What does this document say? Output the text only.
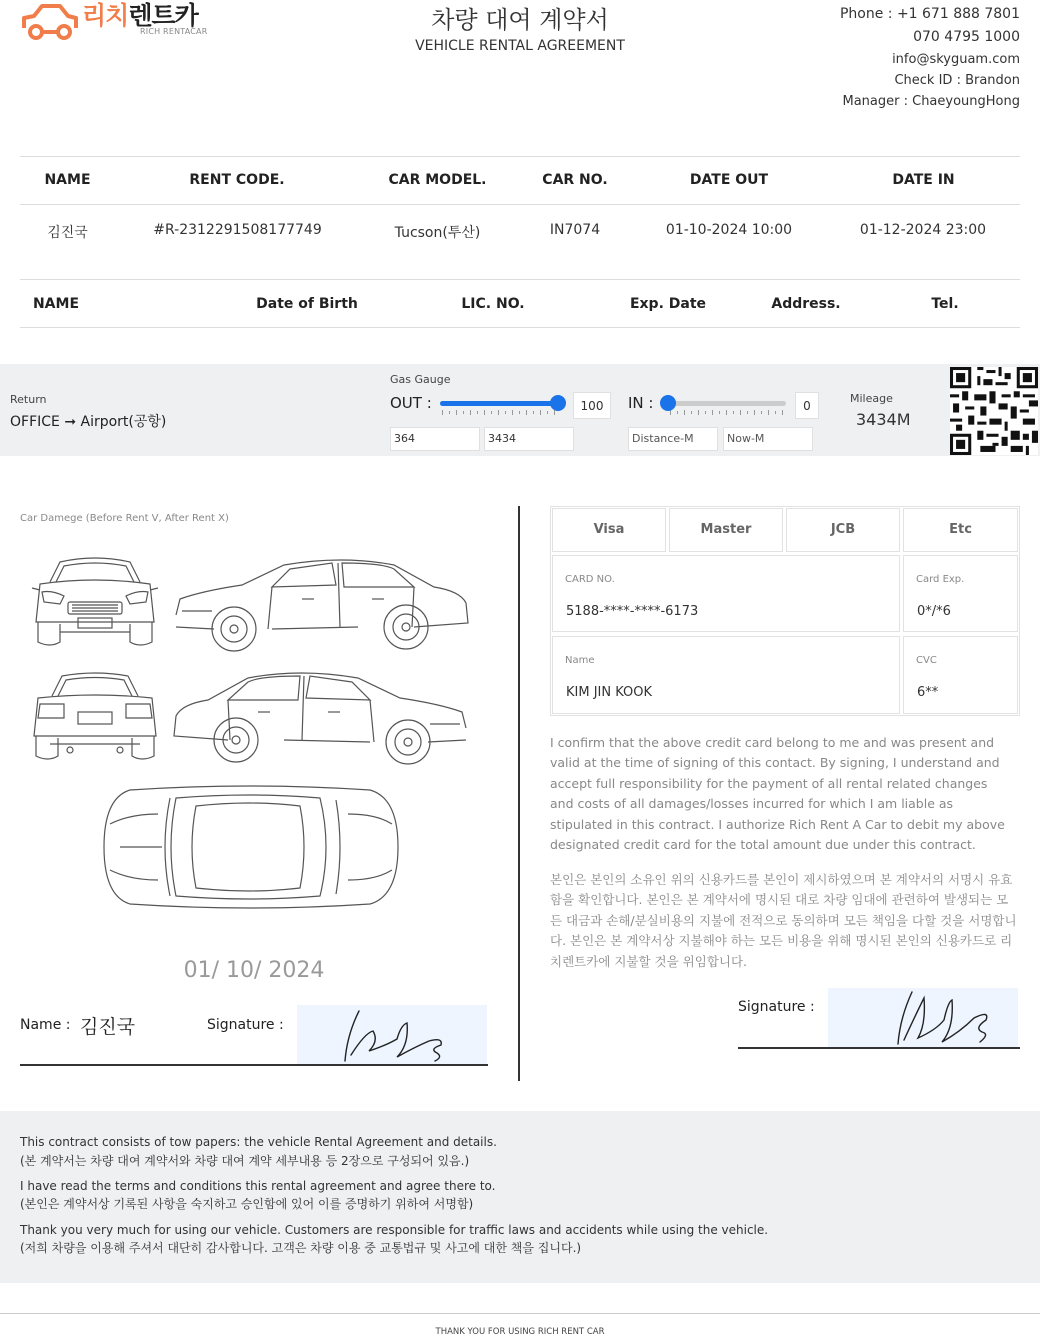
리치렌트카
RICH RENTACAR	차량 대여 계약서
VEHICLE RENTAL AGREEMENT
Phone : +1 671 888 7801
070 4795 1000
info@skyguam.com
Check ID : Brandon
Manager : ChaeyoungHong
NAME	RENT CODE.	CAR MODEL.	CAR NO.	DATE OUT	DATE IN
김진국	#R-2312291508177749	Tucson(투산)	IN7074	01-10-2024 10:00	01-12-2024 23:00
NAME	Date of Birth	LIC. NO.	Exp. Date	Address.	Tel.
Return
OFFICE ➞ Airport(공항)
Gas Gauge
OUT :	100	IN :	0
364	3434	Distance-M	Now-M
Mileage
3434M
Car Damege (Before Rent V, After Rent X)
01/ 10/ 2024
Name : 김진국	Signature :
Visa	Master	JCB	Etc
CARD NO.
5188-****-****-6173
Card Exp.
0*/*6
Name
KIM JIN KOOK
CVC
6**
I confirm that the above credit card belong to me and was present and valid at the time of signing of this contact. By signing, I understand and accept full responsibility for the payment of all rental related changes and costs of all damages/losses incurred for which I am liable as stipulated in this contract. I authorize Rich Rent A Car to debit my above designated credit card for the total amount due under this contract.
본인은 본인의 소유인 위의 신용카드를 본인이 제시하였으며 본 계약서의 서명시 유효함을 확인합니다. 본인은 본 계약서에 명시된 대로 차량 임대에 관련하여 발생되는 모든 대금과 손해/분실비용의 지불에 전적으로 동의하며 모든 책임을 다할 것을 서명합니다. 본인은 본 계약서상 지불해야 하는 모든 비용을 위해 명시된 본인의 신용카드로 리치렌트카에 지불할 것을 위임합니다.
Signature :
This contract consists of tow papers: the vehicle Rental Agreement and details.
(본 계약서는 차량 대여 계약서와 차량 대여 계약 세부내용 등 2장으로 구성되어 있음.)
I have read the terms and conditions this rental agreement and agree there to.
(본인은 계약서상 기록된 사항을 숙지하고 승인함에 있어 이를 증명하기 위하여 서명함)
Thank you very much for using our vehicle. Customers are responsible for traffic laws and accidents while using the vehicle.
(저희 차량을 이용해 주셔서 대단히 감사합니다. 고객은 차량 이용 중 교통법규 및 사고에 대한 책을 집니다.)
THANK YOU FOR USING RICH RENT CAR
